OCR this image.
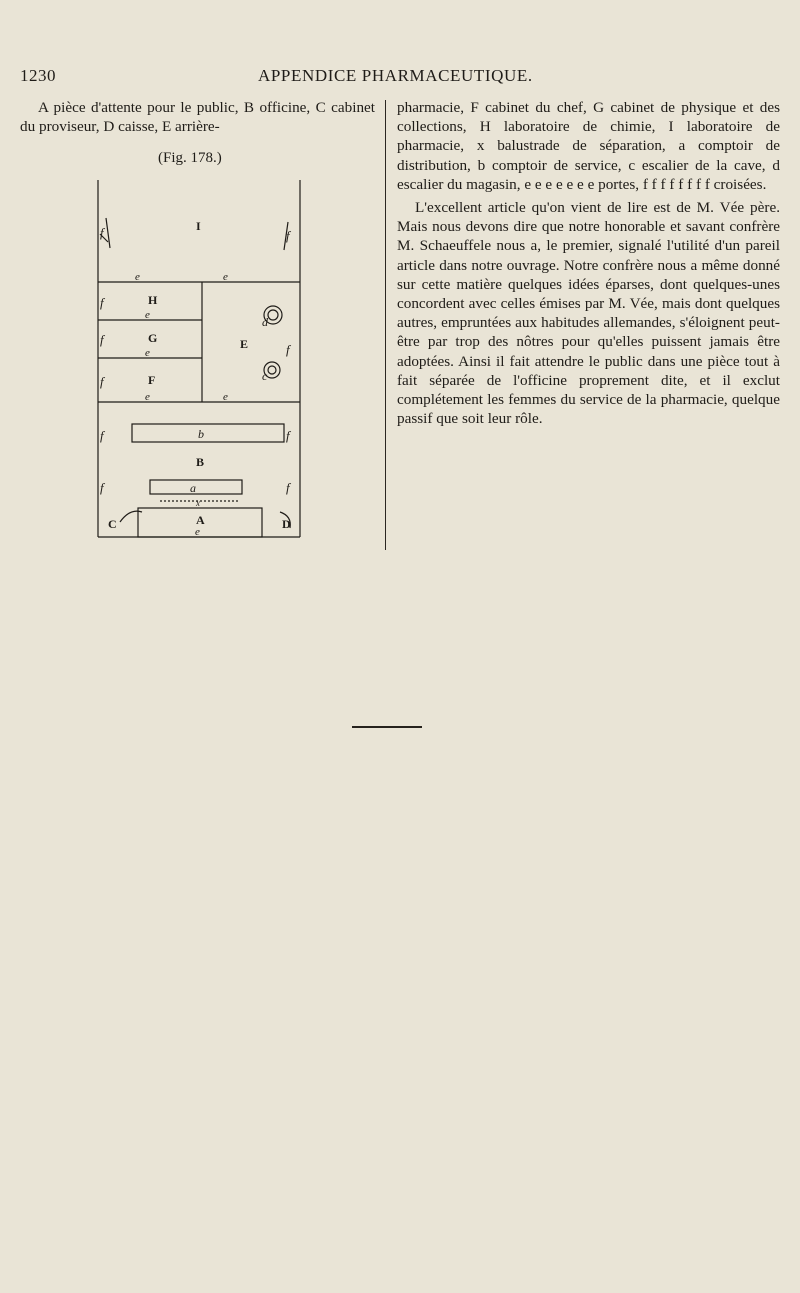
1230	APPENDICE PHARMACEUTIQUE.

A pièce d'attente pour le public, B officine, C cabinet du proviseur, D caisse, E arrière-

(Fig. 178.)
e	e
e
e
e	e
e
f	f
f
f
f
f
f	f
f	f
I
H
G
F
E
B
A
C	D
a
b
c
d
x

pharmacie, F cabinet du chef, G cabinet de physique et des collections, H laboratoire de chimie, I laboratoire de pharmacie, x balustrade de séparation, a comptoir de distribution, b comptoir de service, c escalier de la cave, d escalier du magasin, e e e e e e e portes, f f f f f f f f croisées.

L'excellent article qu'on vient de lire est de M. Vée père. Mais nous devons dire que notre honorable et savant confrère M. Schaeuffele nous a, le premier, signalé l'utilité d'un pareil article dans notre ouvrage. Notre confrère nous a même donné sur cette matière quelques idées éparses, dont quelques-unes concordent avec celles émises par M. Vée, mais dont quelques autres, empruntées aux habitudes allemandes, s'éloignent peut-être par trop des nôtres pour qu'elles puissent jamais être adoptées. Ainsi il fait attendre le public dans une pièce tout à fait séparée de l'officine proprement dite, et il exclut complétement les femmes du service de la pharmacie, quelque passif que soit leur rôle.
